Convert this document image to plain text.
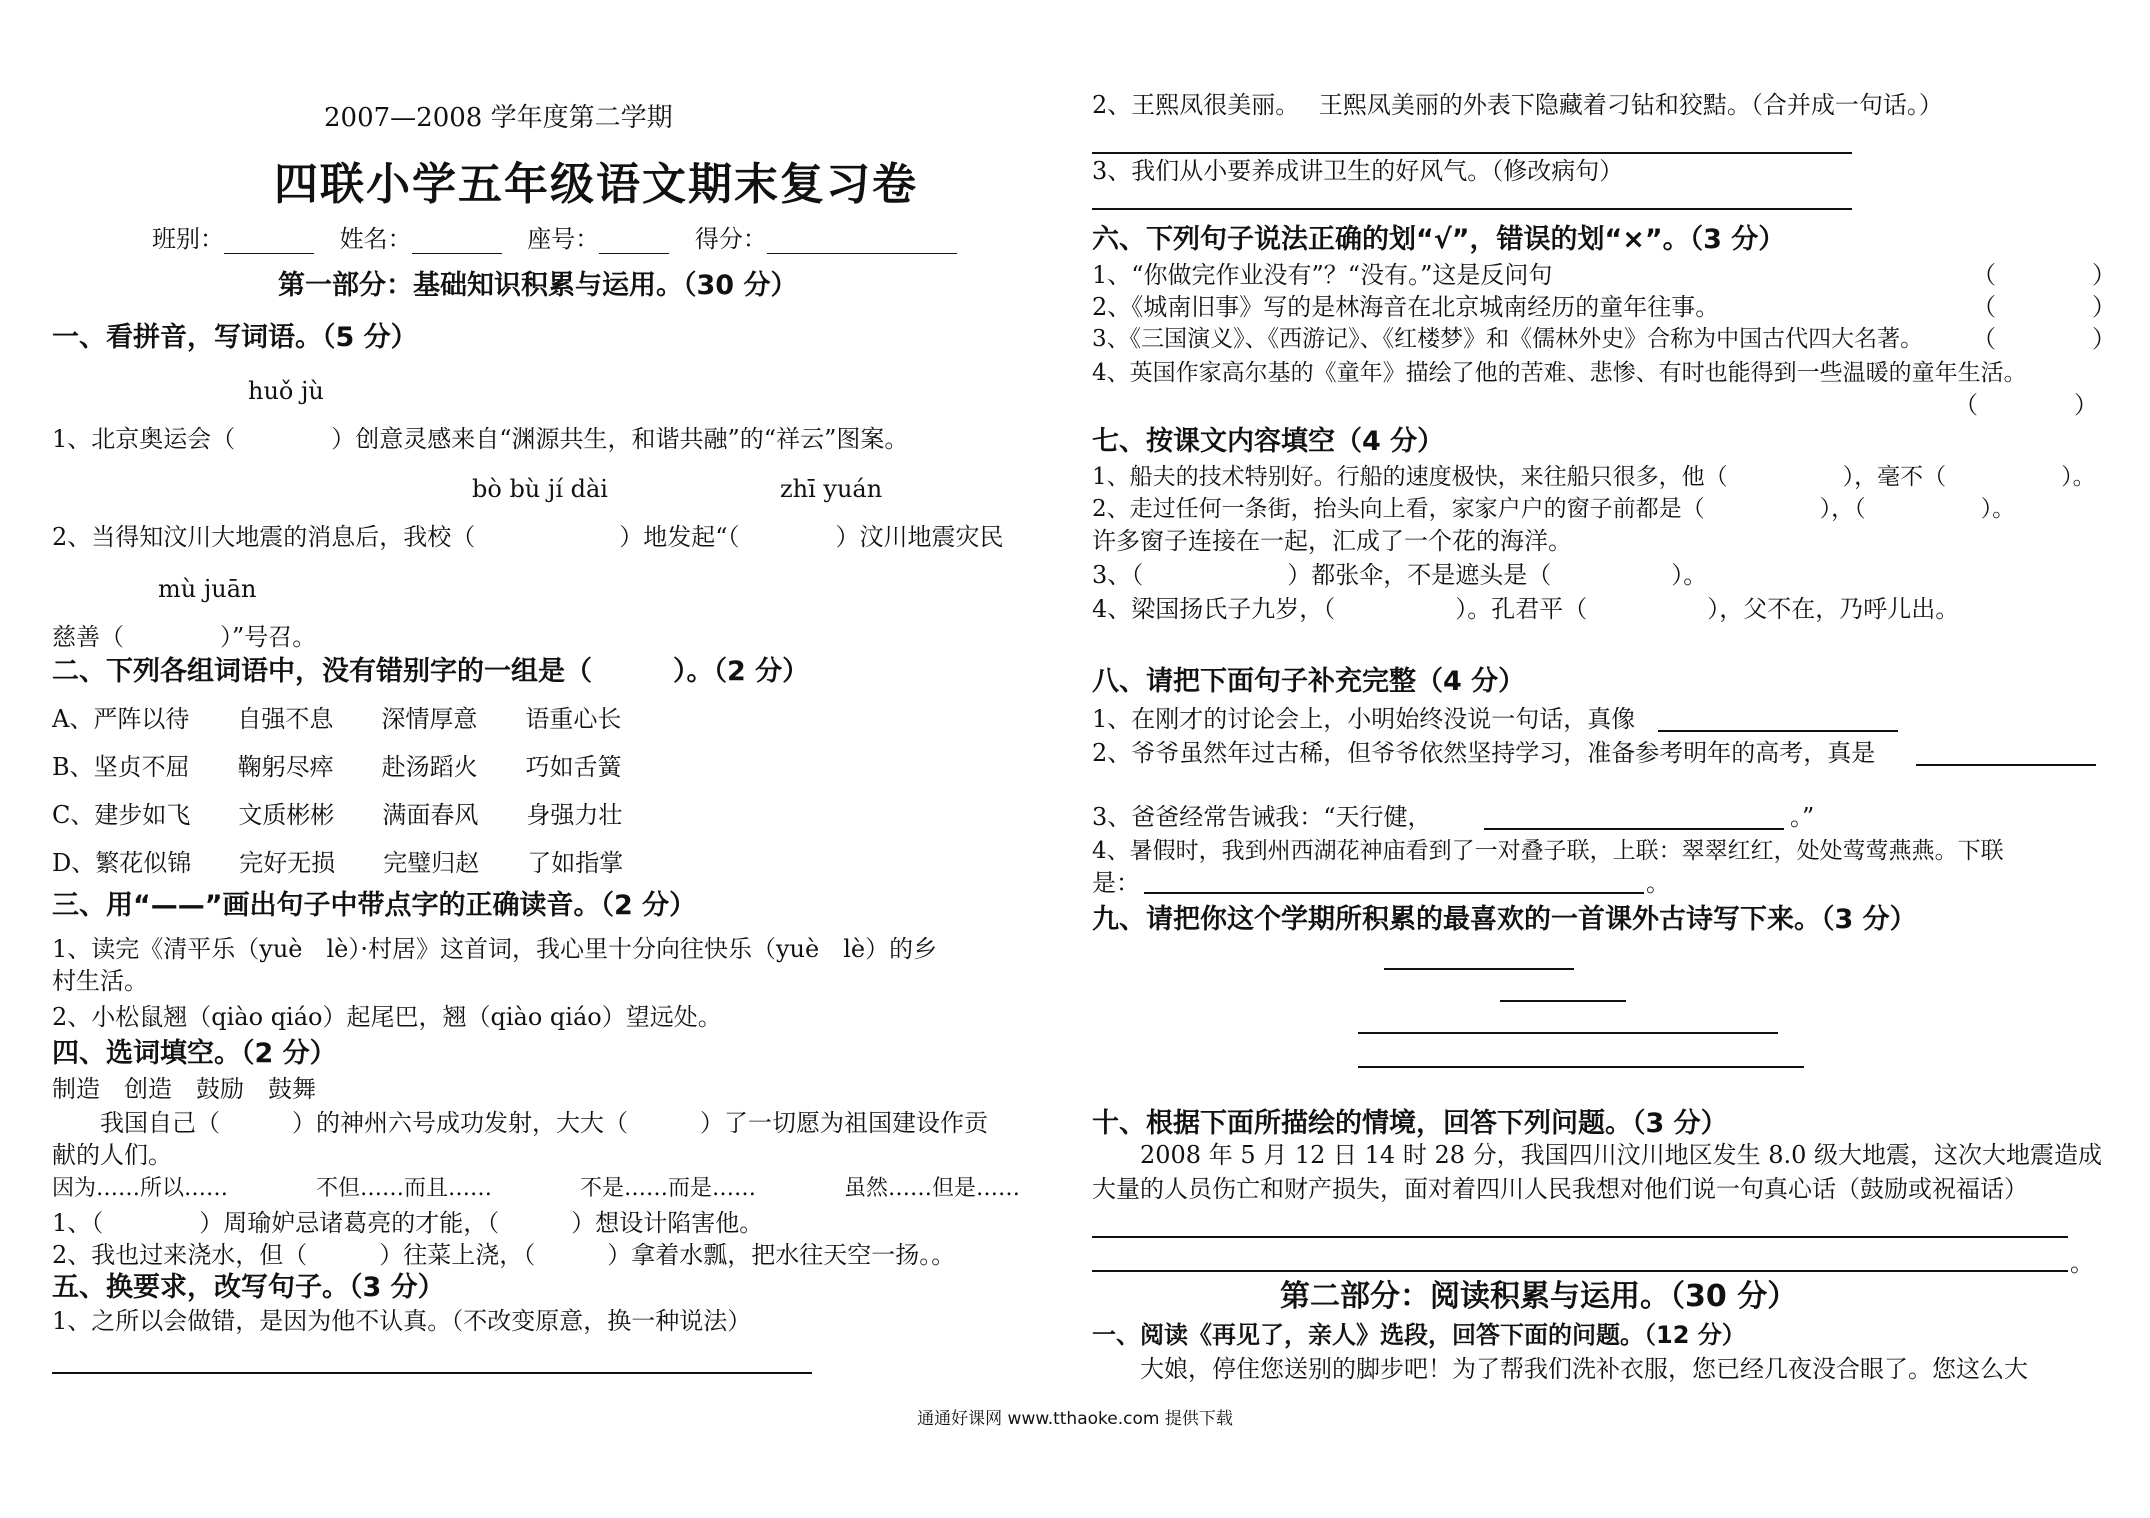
2007—2008 学年度第二学期
四联小学五年级语文期末复习卷
班别：	姓名：	座号：	得分：
第一部分：基础知识积累与运用。（30 分）
一、看拼音，写词语。（5 分）
huǒ jù
1、北京奥运会（　　　　）创意灵感来自“渊源共生，和谐共融”的“祥云”图案。
bò bù jí dài	zhī yuán
2、当得知汶川大地震的消息后，我校（　　　　　　）地发起“（　　　　）汶川地震灾民
mù juān
慈善（　　　　）”号召。
二、下列各组词语中，没有错别字的一组是（　　　）。（2 分）
A、严阵以待　　自强不息　　深情厚意　　语重心长
B、坚贞不屈　　鞠躬尽瘁　　赴汤蹈火　　巧如舌簧
C、建步如飞　　文质彬彬　　满面春风　　身强力壮
D、繁花似锦　　完好无损　　完璧归赵　　了如指掌
三、用“——”画出句子中带点字的正确读音。（2 分）
1、读完《清平乐（yuè　lè）·村居》这首词，我心里十分向往快乐（yuè　lè）的乡
村生活。
2、小松鼠翘（qiào qiáo）起尾巴，翘（qiào qiáo）望远处。
四、选词填空。（2 分）
制造　创造　鼓励　鼓舞
　　我国自己（　　　）的神州六号成功发射，大大（　　　）了一切愿为祖国建设作贡
献的人们。
因为……所以……　　　　不但……而且……　　　　不是……而是……　　　　虽然……但是……
1、（　　　　）周瑜妒忌诸葛亮的才能，（　　　）想设计陷害他。
2、我也过来浇水，但（　　　）往菜上浇，（　　　）拿着水瓢，把水往天空一扬。。
五、换要求，改写句子。（3 分）
1、之所以会做错，是因为他不认真。（不改变原意，换一种说法）
2、王熙凤很美丽。　 王熙凤美丽的外表下隐藏着刁钻和狡黠。（合并成一句话。）
3、我们从小要养成讲卫生的好风气。（修改病句）
六、下列句子说法正确的划“√”，错误的划“×”。（3 分）
1、“你做完作业没有”？“没有。”这是反问句	（　　　　）
2、《城南旧事》写的是林海音在北京城南经历的童年往事。	（　　　　）
3、《三国演义》、《西游记》、《红楼梦》和《儒林外史》合称为中国古代四大名著。 （　　　　）
4、英国作家高尔基的《童年》描绘了他的苦难、悲惨、有时也能得到一些温暖的童年生活。
（　　　　）
七、按课文内容填空（4 分）
1、船夫的技术特别好。行船的速度极快，来往船只很多，他（　　　　　），毫不（　　　　　）。
2、走过任何一条街，抬头向上看，家家户户的窗子前都是（　　　　　），（　　　　　）。
许多窗子连接在一起，汇成了一个花的海洋。
3、（　　　　　　）都张伞，不是遮头是（　　　　　）。
4、梁国扬氏子九岁，（　　　　　）。孔君平（　　　　　），父不在，乃呼儿出。
八、请把下面句子补充完整（4 分）
1、在刚才的讨论会上，小明始终没说一句话，真像
2、爷爷虽然年过古稀，但爷爷依然坚持学习，准备参考明年的高考，真是
3、爸爸经常告诫我：“天行健，	。”
4、暑假时，我到州西湖花神庙看到了一对叠子联，上联：翠翠红红，处处莺莺燕燕。下联
是：	。
九、请把你这个学期所积累的最喜欢的一首课外古诗写下来。（3 分）
十、根据下面所描绘的情境，回答下列问题。（3 分）
　　2008 年 5 月 12 日 14 时 28 分，我国四川汶川地区发生 8.0 级大地震，这次大地震造成
大量的人员伤亡和财产损失，面对着四川人民我想对他们说一句真心话（鼓励或祝福话）
。
第二部分：阅读积累与运用。（30 分）
一、阅读《再见了，亲人》选段，回答下面的问题。（12 分）
　　大娘，停住您送别的脚步吧！为了帮我们洗补衣服，您已经几夜没合眼了。您这么大
通通好课网 www.tthaoke.com 提供下载
